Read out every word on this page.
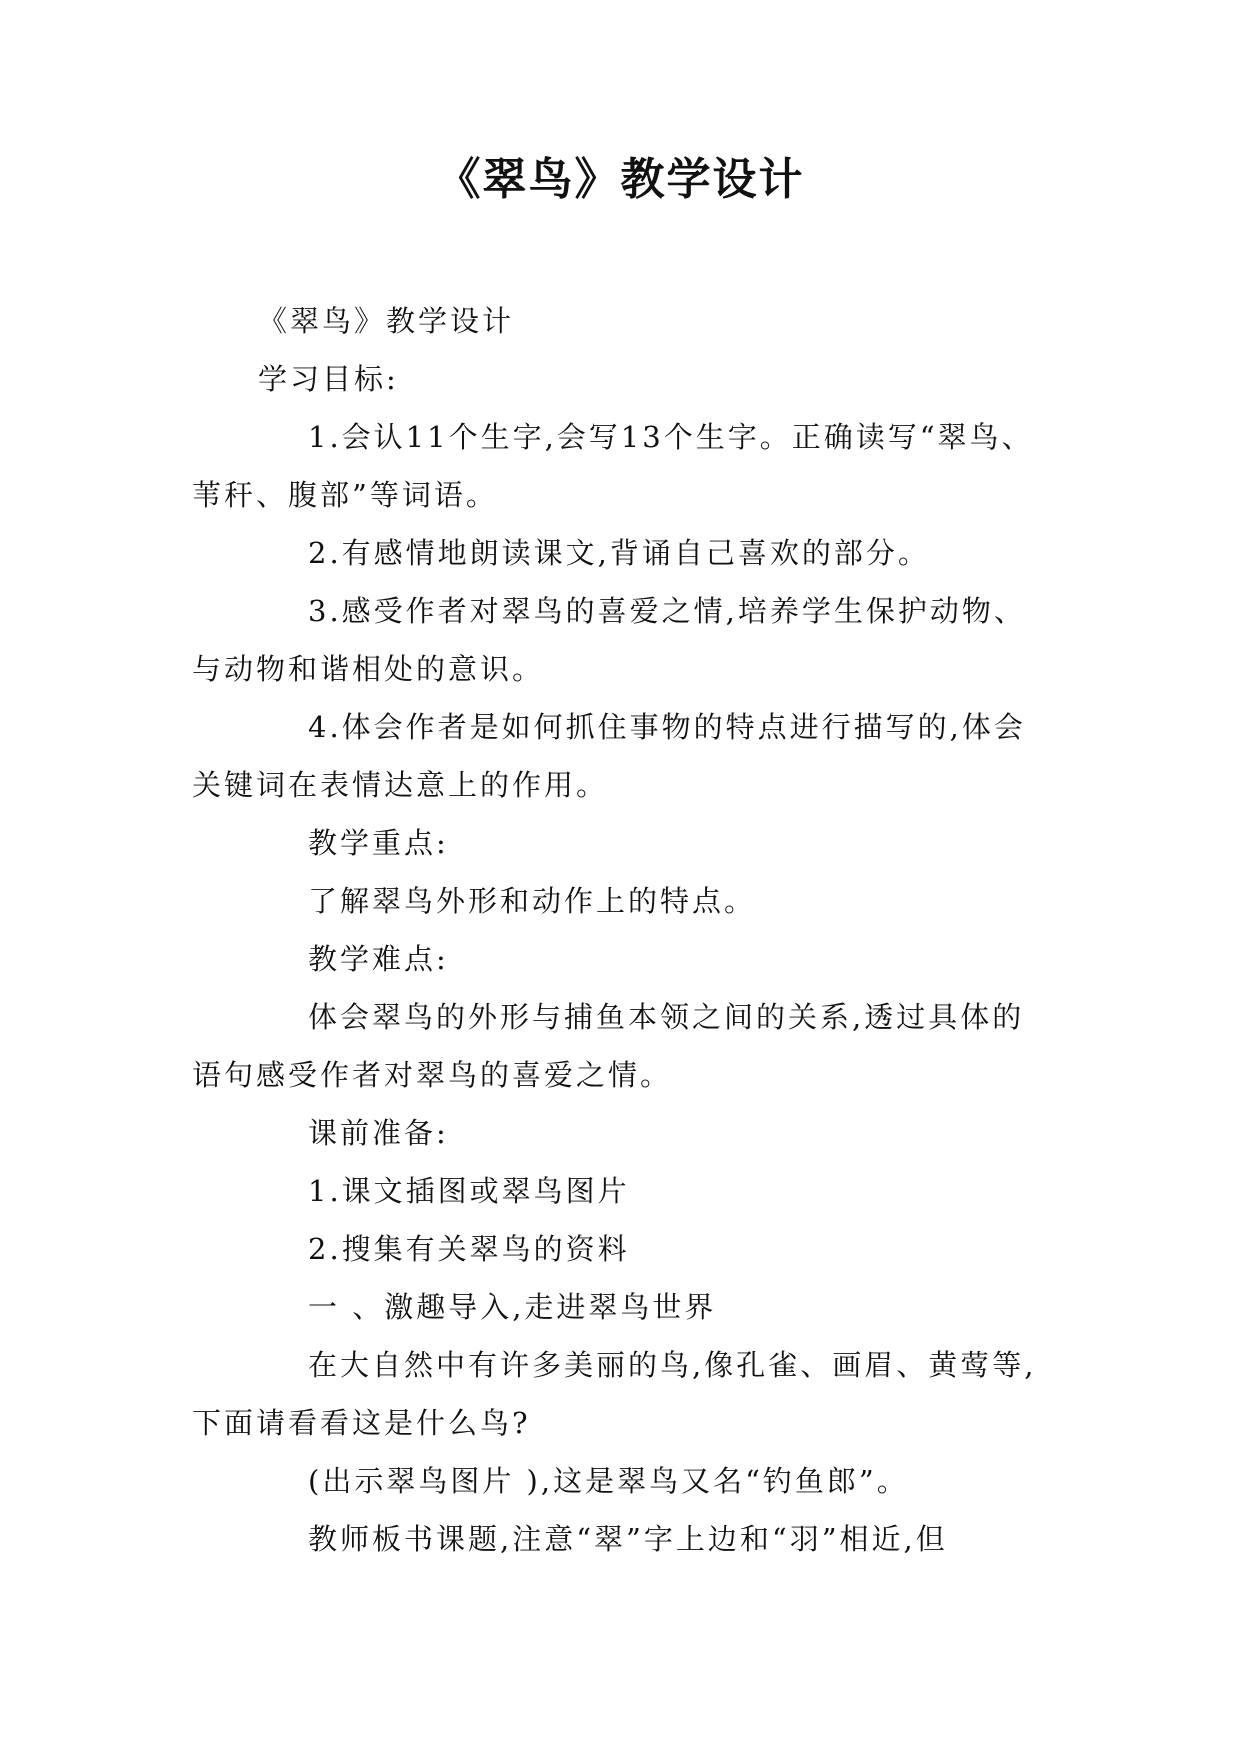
《翠鸟》教学设计

《翠鸟》教学设计

学习目标:

1.会认11个生字,会写13个生字。正确读写“翠鸟、苇秆、腹部”等词语。

2.有感情地朗读课文,背诵自己喜欢的部分。

3.感受作者对翠鸟的喜爱之情,培养学生保护动物、与动物和谐相处的意识。

4.体会作者是如何抓住事物的特点进行描写的,体会关键词在表情达意上的作用。

教学重点:

了解翠鸟外形和动作上的特点。

教学难点:

体会翠鸟的外形与捕鱼本领之间的关系,透过具体的语句感受作者对翠鸟的喜爱之情。

课前准备:

1.课文插图或翠鸟图片

2.搜集有关翠鸟的资料

一 、激趣导入,走进翠鸟世界

在大自然中有许多美丽的鸟,像孔雀、画眉、黄莺等,下面请看看这是什么鸟?

(出示翠鸟图片 ),这是翠鸟又名“钓鱼郎”。

教师板书课题,注意“翠”字上边和“羽”相近,但
